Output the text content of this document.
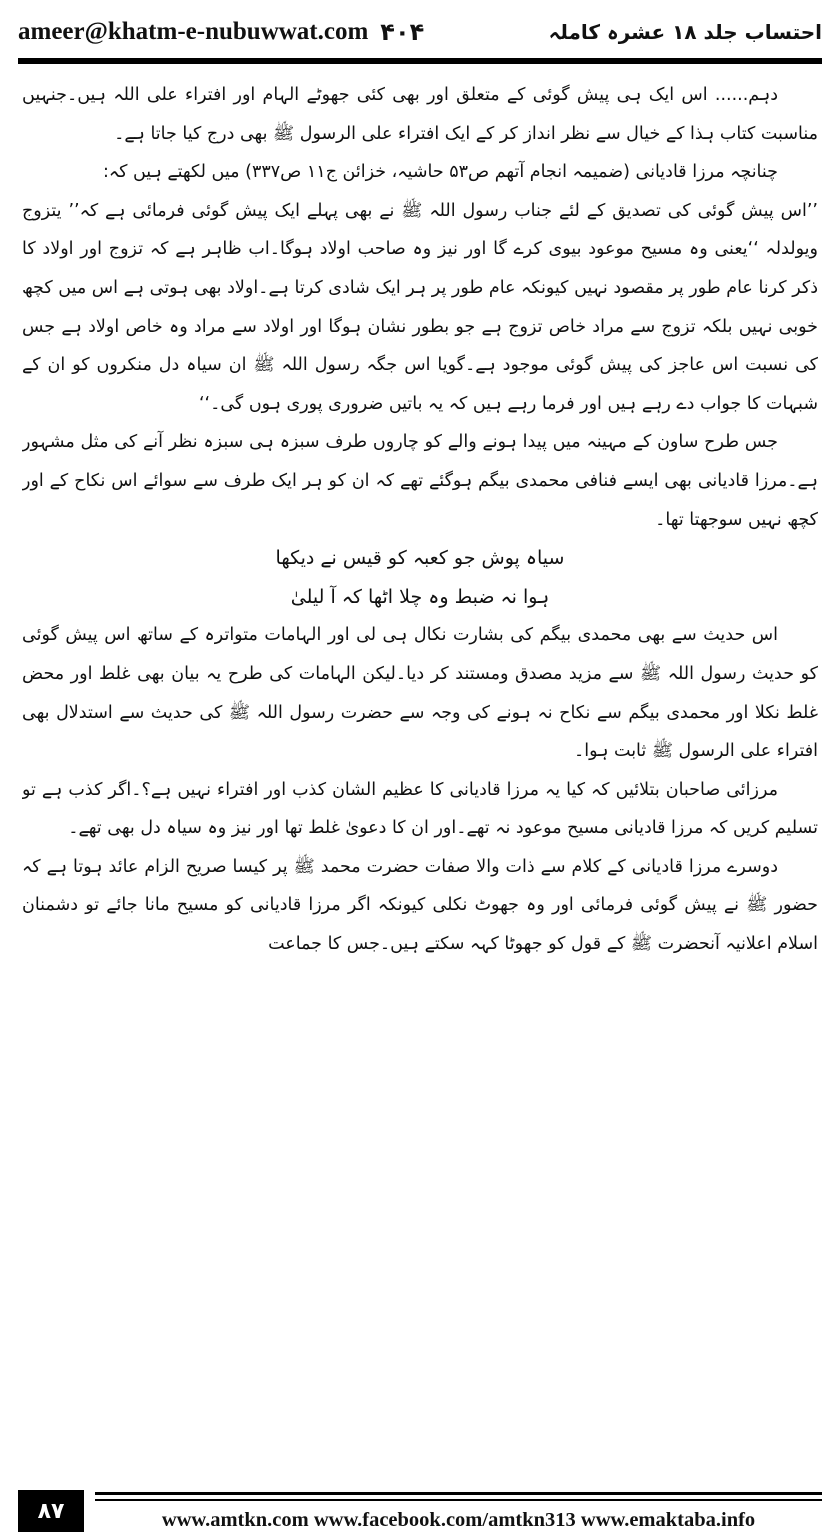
ameer@khatm-e-nubuwwat.com ۴۰۴	احتساب جلد ۱۸ عشرہ کاملہ

دہم...... اس ایک ہی پیش گوئی کے متعلق اور بھی کئی جھوٹے الہام اور افتراء علی اللہ ہیں۔جنہیں مناسبت کتاب ہذا کے خیال سے نظر انداز کر کے ایک افتراء علی الرسول ﷺ بھی درج کیا جاتا ہے۔

چنانچہ مرزا قادیانی (ضمیمہ انجام آتھم ص۵۳ حاشیہ، خزائن ج۱۱ ص۳۳۷) میں لکھتے ہیں کہ:

’’اس پیش گوئی کی تصدیق کے لئے جناب رسول اللہ ﷺ نے بھی پہلے ایک پیش گوئی فرمائی ہے کہ’’ یتزوج ویولدلہ ‘‘یعنی وہ مسیح موعود بیوی کرے گا اور نیز وہ صاحب اولاد ہوگا۔اب ظاہر ہے کہ تزوج اور اولاد کا ذکر کرنا عام طور پر مقصود نہیں کیونکہ عام طور پر ہر ایک شادی کرتا ہے۔اولاد بھی ہوتی ہے اس میں کچھ خوبی نہیں بلکہ تزوج سے مراد خاص تزوج ہے جو بطور نشان ہوگا اور اولاد سے مراد وہ خاص اولاد ہے جس کی نسبت اس عاجز کی پیش گوئی موجود ہے۔گویا اس جگہ رسول اللہ ﷺ ان سیاہ دل منکروں کو ان کے شبہات کا جواب دے رہے ہیں اور فرما رہے ہیں کہ یہ باتیں ضروری پوری ہوں گی۔‘‘

جس طرح ساون کے مہینہ میں پیدا ہونے والے کو چاروں طرف سبزہ ہی سبزہ نظر آنے کی مثل مشہور ہے۔مرزا قادیانی بھی ایسے فنافی محمدی بیگم ہوگئے تھے کہ ان کو ہر ایک طرف سے سوائے اس نکاح کے اور کچھ نہیں سوجھتا تھا۔

سیاہ پوش جو کعبہ کو قیس نے دیکھا

ہوا نہ ضبط وہ چلا اٹھا کہ آ لیلیٰ

اس حدیث سے بھی محمدی بیگم کی بشارت نکال ہی لی اور الہامات متواترہ کے ساتھ اس پیش گوئی کو حدیث رسول اللہ ﷺ سے مزید مصدق ومستند کر دیا۔لیکن الہامات کی طرح یہ بیان بھی غلط اور محض غلط نکلا اور محمدی بیگم سے نکاح نہ ہونے کی وجہ سے حضرت رسول اللہ ﷺ کی حدیث سے استدلال بھی افتراء علی الرسول ﷺ ثابت ہوا۔

مرزائی صاحبان بتلائیں کہ کیا یہ مرزا قادیانی کا عظیم الشان کذب اور افتراء نہیں ہے؟۔اگر کذب ہے تو تسلیم کریں کہ مرزا قادیانی مسیح موعود نہ تھے۔اور ان کا دعویٰ غلط تھا اور نیز وہ سیاہ دل بھی تھے۔

دوسرے مرزا قادیانی کے کلام سے ذات والا صفات حضرت محمد ﷺ پر کیسا صریح الزام عائد ہوتا ہے کہ حضور ﷺ نے پیش گوئی فرمائی اور وہ جھوٹ نکلی کیونکہ اگر مرزا قادیانی کو مسیح مانا جائے تو دشمنان اسلام اعلانیہ آنحضرت ﷺ کے قول کو جھوٹا کہہ سکتے ہیں۔جس کا جماعت

۸۷	www.amtkn.com www.facebook.com/amtkn313 www.emaktaba.info
